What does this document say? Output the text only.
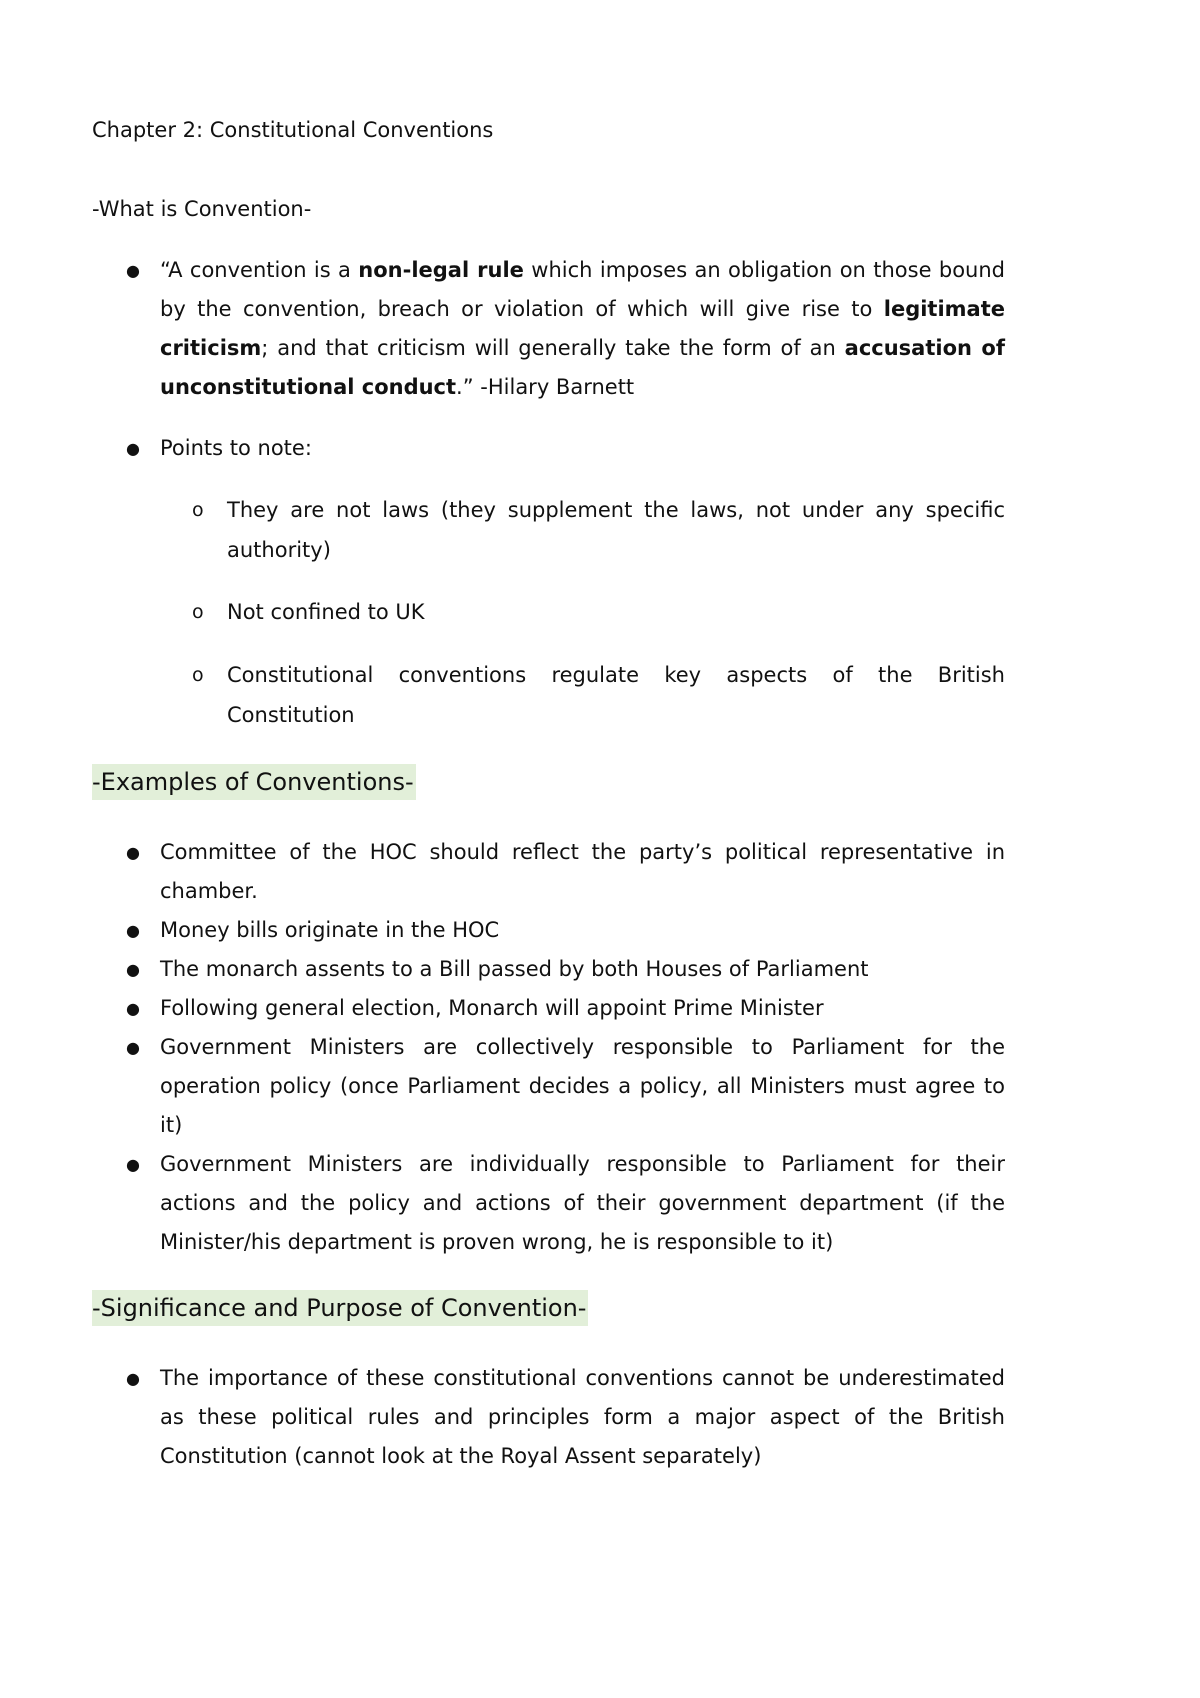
Chapter 2: Constitutional Conventions
-What is Convention-
● “A convention is a non-legal rule which imposes an obligation on those bound by the convention, breach or violation of which will give rise to legitimate criticism; and that criticism will generally take the form of an accusation of unconstitutional conduct.” -Hilary Barnett
● Points to note:
o They are not laws (they supplement the laws, not under any specific authority)
o Not confined to UK
o Constitutional conventions regulate key aspects of the British Constitution
-Examples of Conventions-
● Committee of the HOC should reflect the party’s political representative in chamber.
● Money bills originate in the HOC
● The monarch assents to a Bill passed by both Houses of Parliament
● Following general election, Monarch will appoint Prime Minister
● Government Ministers are collectively responsible to Parliament for the operation policy (once Parliament decides a policy, all Ministers must agree to it)
● Government Ministers are individually responsible to Parliament for their actions and the policy and actions of their government department (if the Minister/his department is proven wrong, he is responsible to it)
-Significance and Purpose of Convention-
● The importance of these constitutional conventions cannot be underestimated as these political rules and principles form a major aspect of the British Constitution (cannot look at the Royal Assent separately)
